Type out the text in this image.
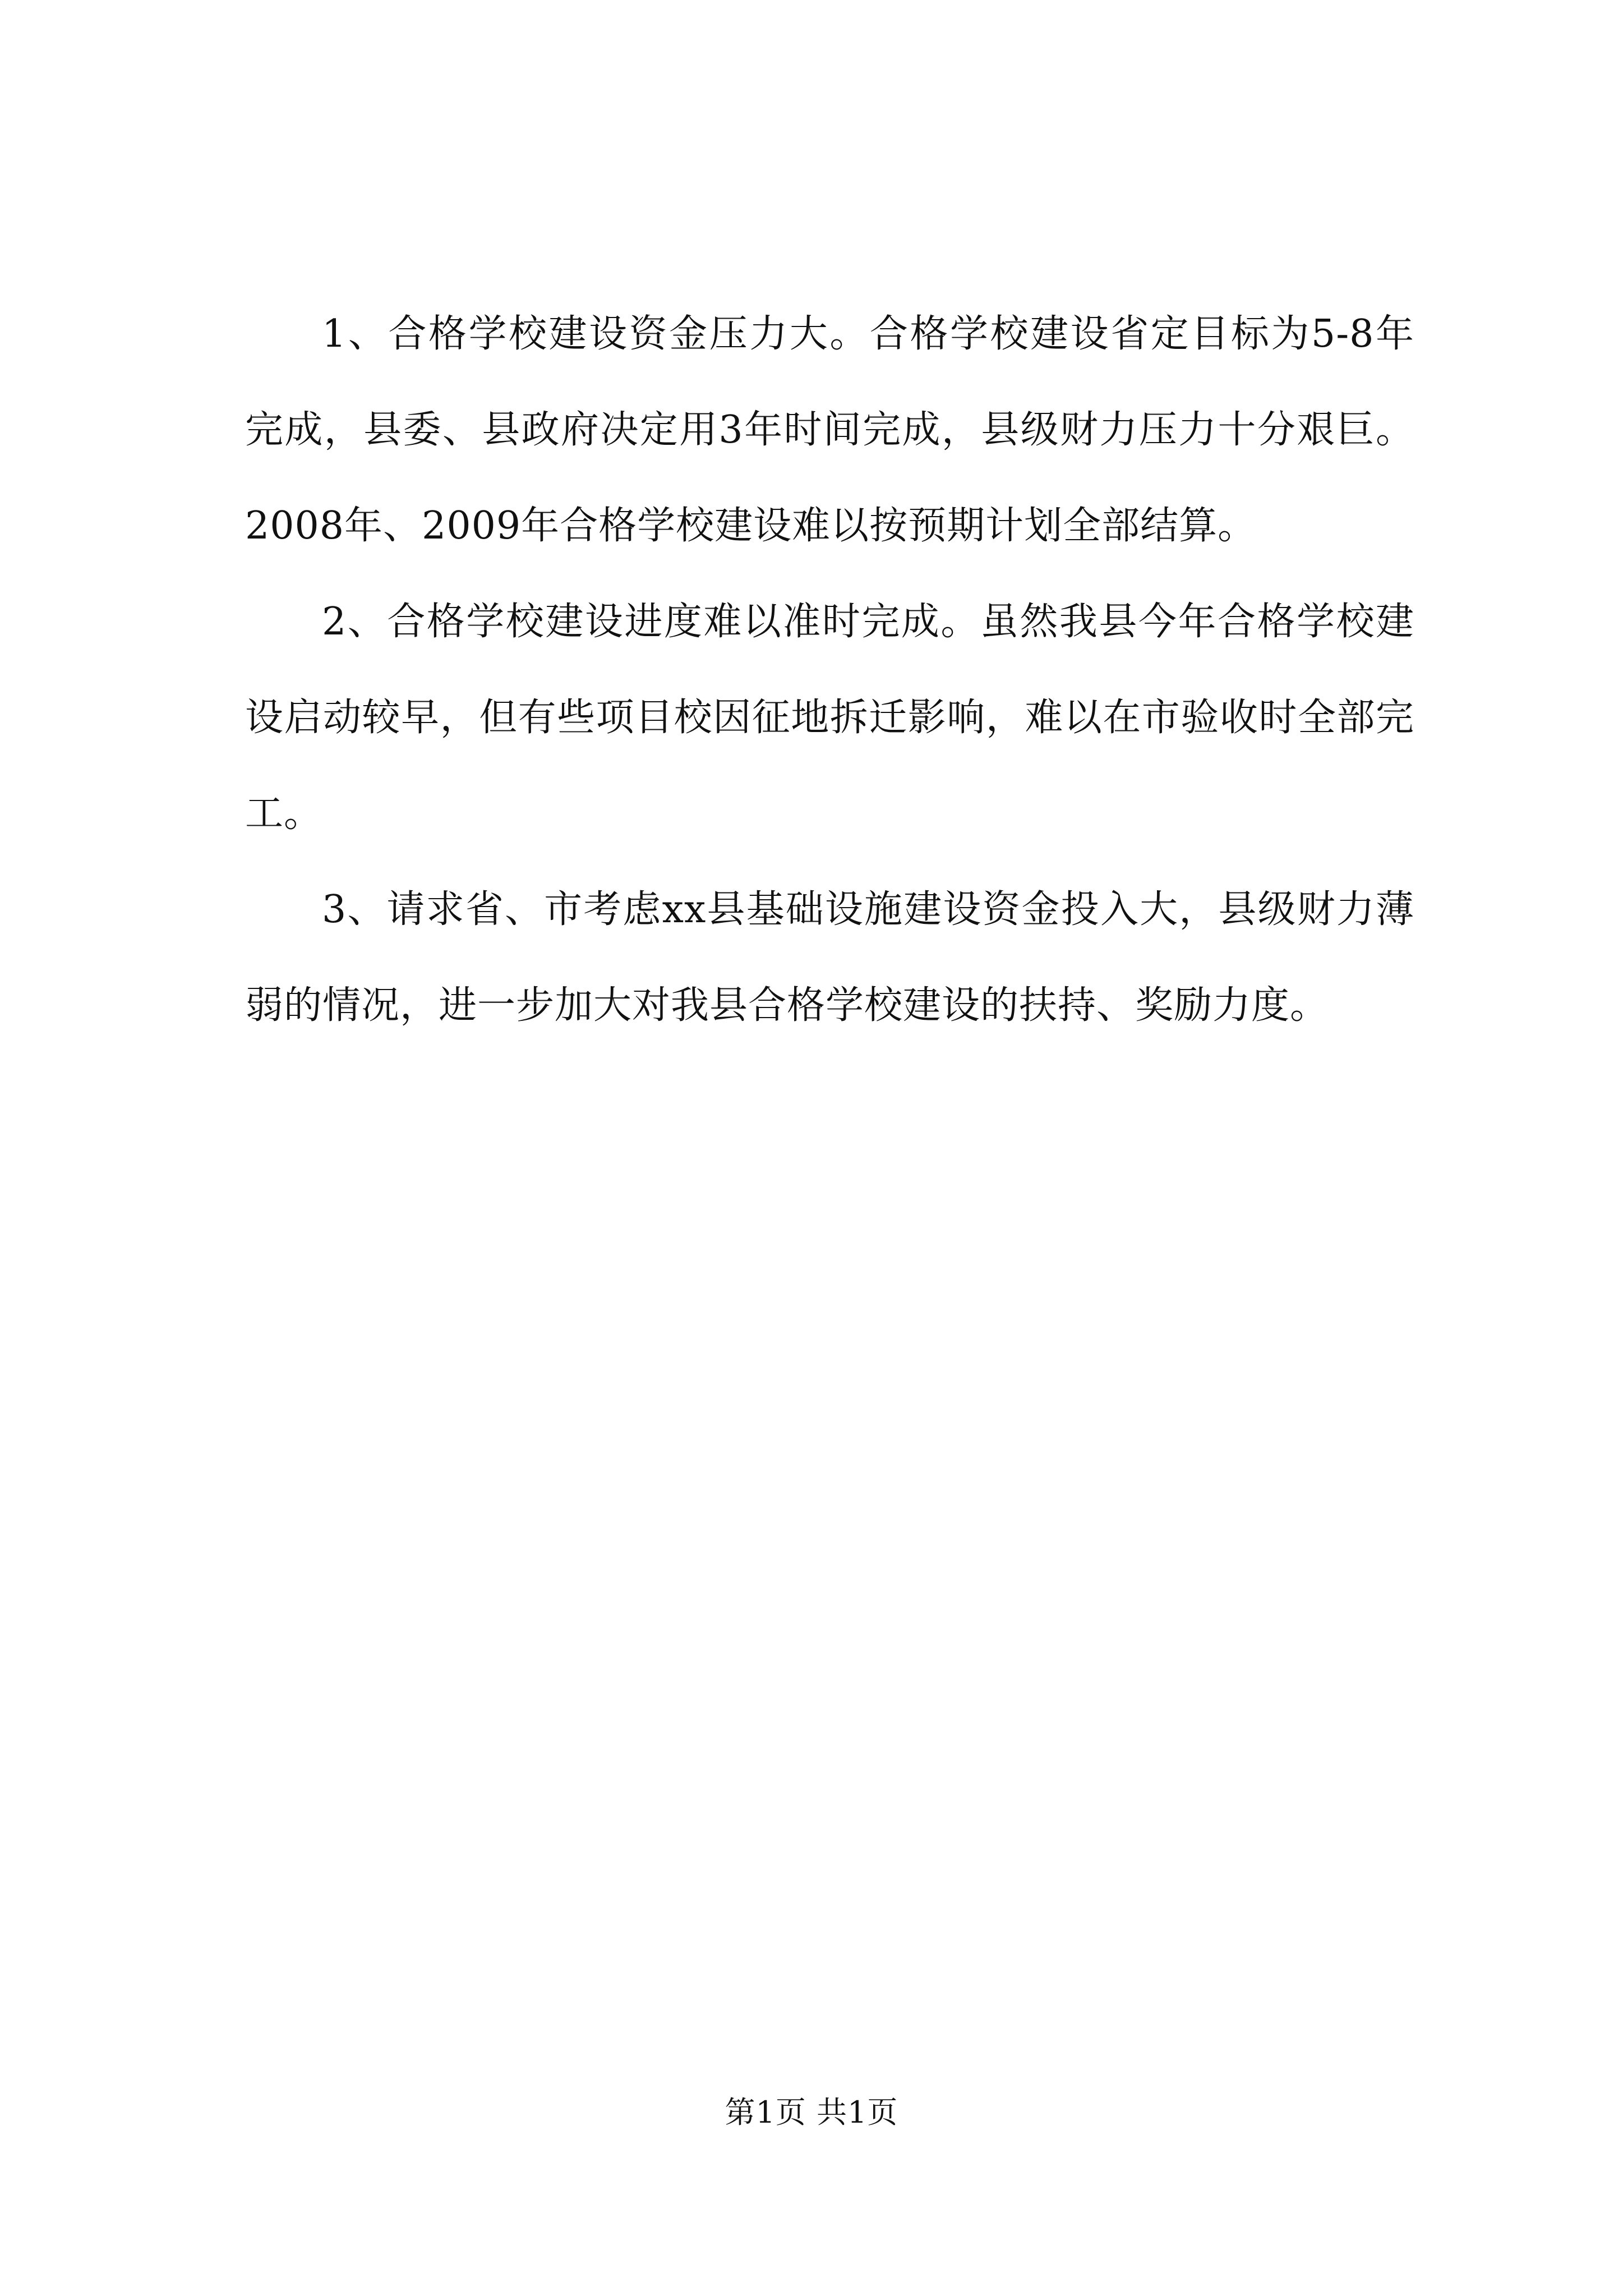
1、合格学校建设资金压力大。合格学校建设省定目标为5-8年完成，县委、县政府决定用3年时间完成，县级财力压力十分艰巨。2008年、2009年合格学校建设难以按预期计划全部结算。

2、合格学校建设进度难以准时完成。虽然我县今年合格学校建设启动较早，但有些项目校因征地拆迁影响，难以在市验收时全部完工。

3、请求省、市考虑xx县基础设施建设资金投入大，县级财力薄弱的情况，进一步加大对我县合格学校建设的扶持、奖励力度。

第1页 共1页
